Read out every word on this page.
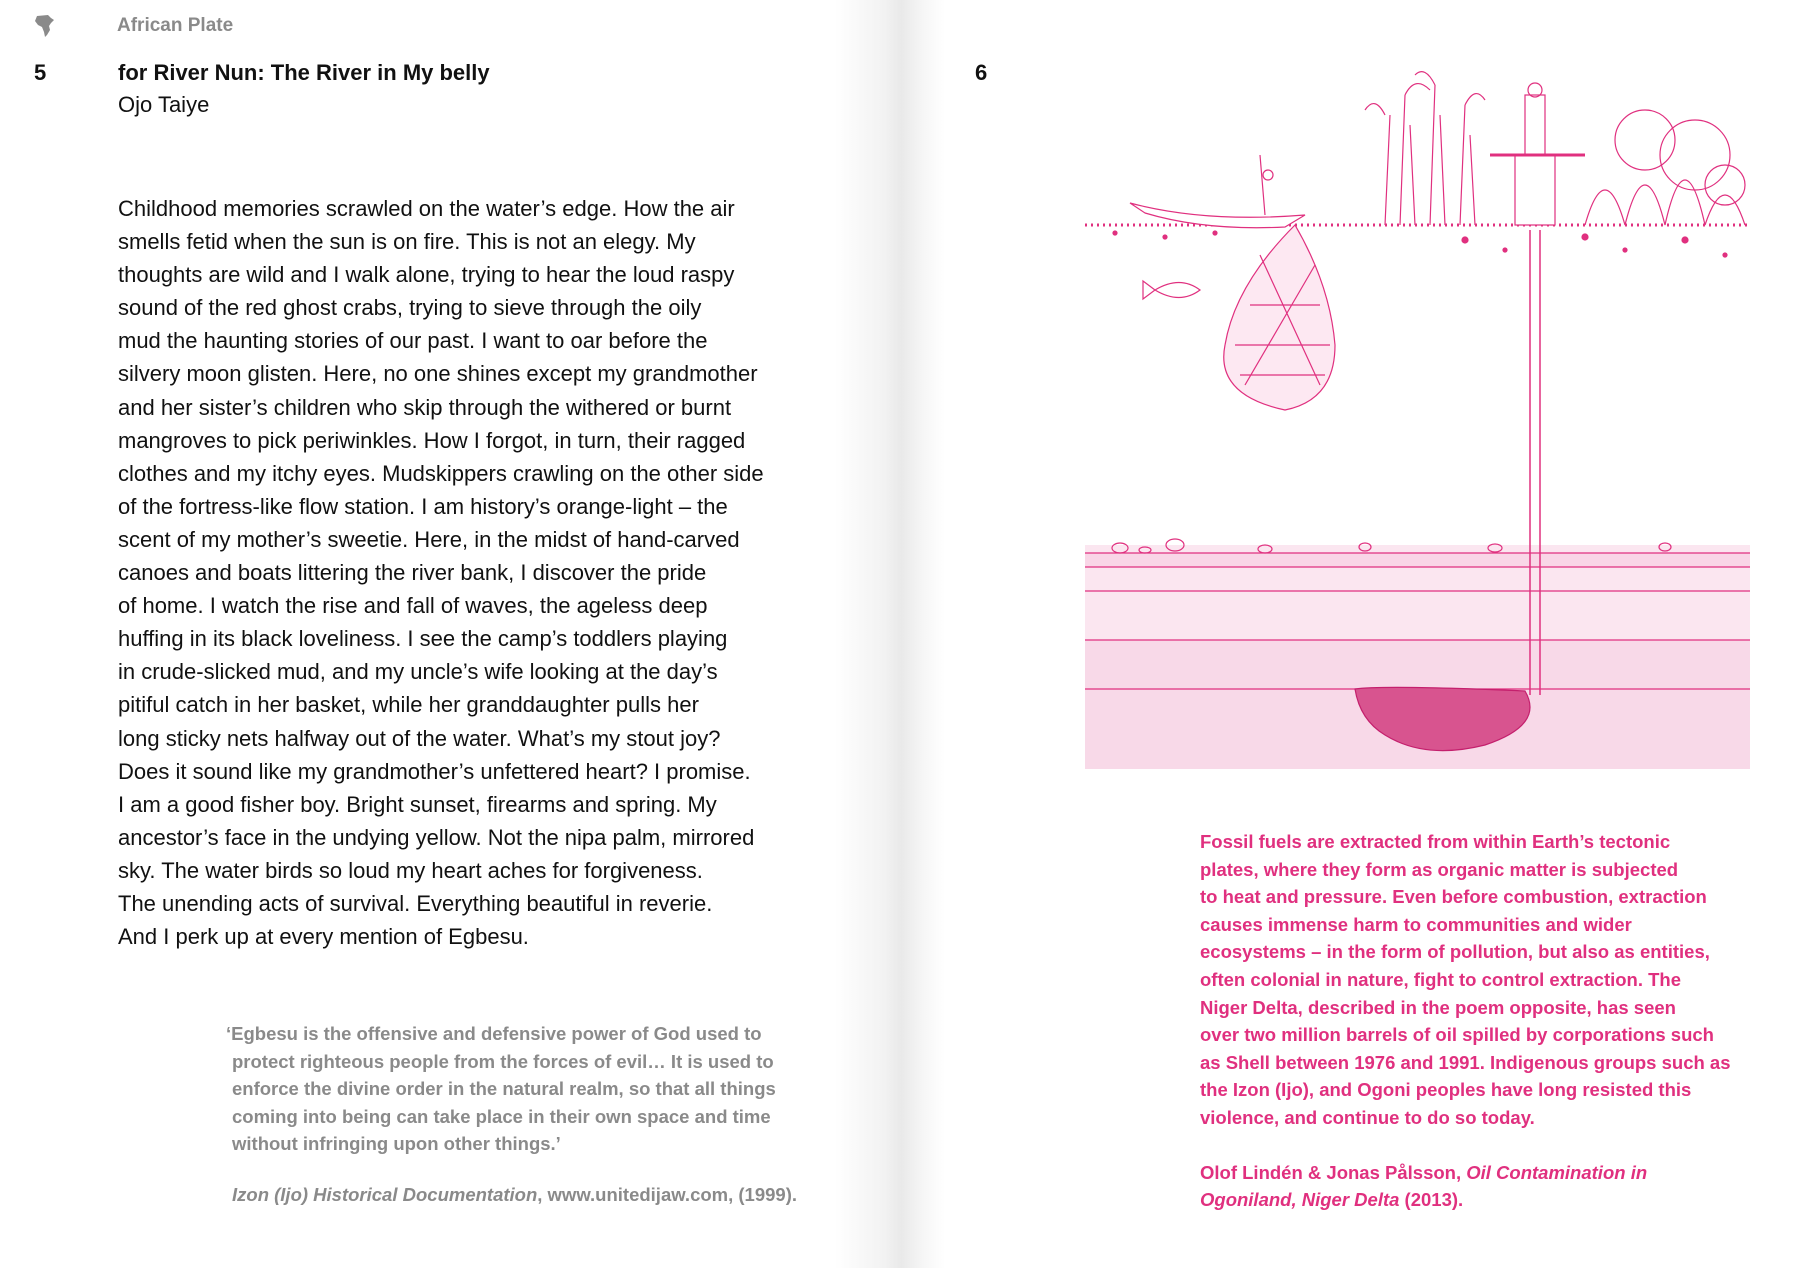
African Plate
5	for River Nun: The River in My belly
Ojo Taiye
Childhood memories scrawled on the water’s edge. How the air
smells fetid when the sun is on fire. This is not an elegy. My
thoughts are wild and I walk alone, trying to hear the loud raspy
sound of the red ghost crabs, trying to sieve through the oily
mud the haunting stories of our past. I want to oar before the
silvery moon glisten. Here, no one shines except my grandmother
and her sister’s children who skip through the withered or burnt
mangroves to pick periwinkles. How I forgot, in turn, their ragged
clothes and my itchy eyes. Mudskippers crawling on the other side
of the fortress-like flow station. I am history’s orange-light – the
scent of my mother’s sweetie. Here, in the midst of hand-carved
canoes and boats littering the river bank, I discover the pride
of home. I watch the rise and fall of waves, the ageless deep
huffing in its black loveliness. I see the camp’s toddlers playing
in crude-slicked mud, and my uncle’s wife looking at the day’s
pitiful catch in her basket, while her granddaughter pulls her
long sticky nets halfway out of the water. What’s my stout joy?
Does it sound like my grandmother’s unfettered heart? I promise.
I am a good fisher boy. Bright sunset, firearms and spring. My
ancestor’s face in the undying yellow. Not the nipa palm, mirrored
sky. The water birds so loud my heart aches for forgiveness.
The unending acts of survival. Everything beautiful in reverie.
And I perk up at every mention of Egbesu.
‘Egbesu is the offensive and defensive power of God used to
protect righteous people from the forces of evil… It is used to
enforce the divine order in the natural realm, so that all things
coming into being can take place in their own space and time
without infringing upon other things.’
Izon (Ijo) Historical Documentation, www.unitedijaw.com, (1999).
6
Fossil fuels are extracted from within Earth’s tectonic
plates, where they form as organic matter is subjected
to heat and pressure. Even before combustion, extraction
causes immense harm to communities and wider
ecosystems – in the form of pollution, but also as entities,
often colonial in nature, fight to control extraction. The
Niger Delta, described in the poem opposite, has seen
over two million barrels of oil spilled by corporations such
as Shell between 1976 and 1991. Indigenous groups such as
the Izon (Ijo), and Ogoni peoples have long resisted this
violence, and continue to do so today.
Olof Lindén & Jonas Pålsson, Oil Contamination in
Ogoniland, Niger Delta (2013).
